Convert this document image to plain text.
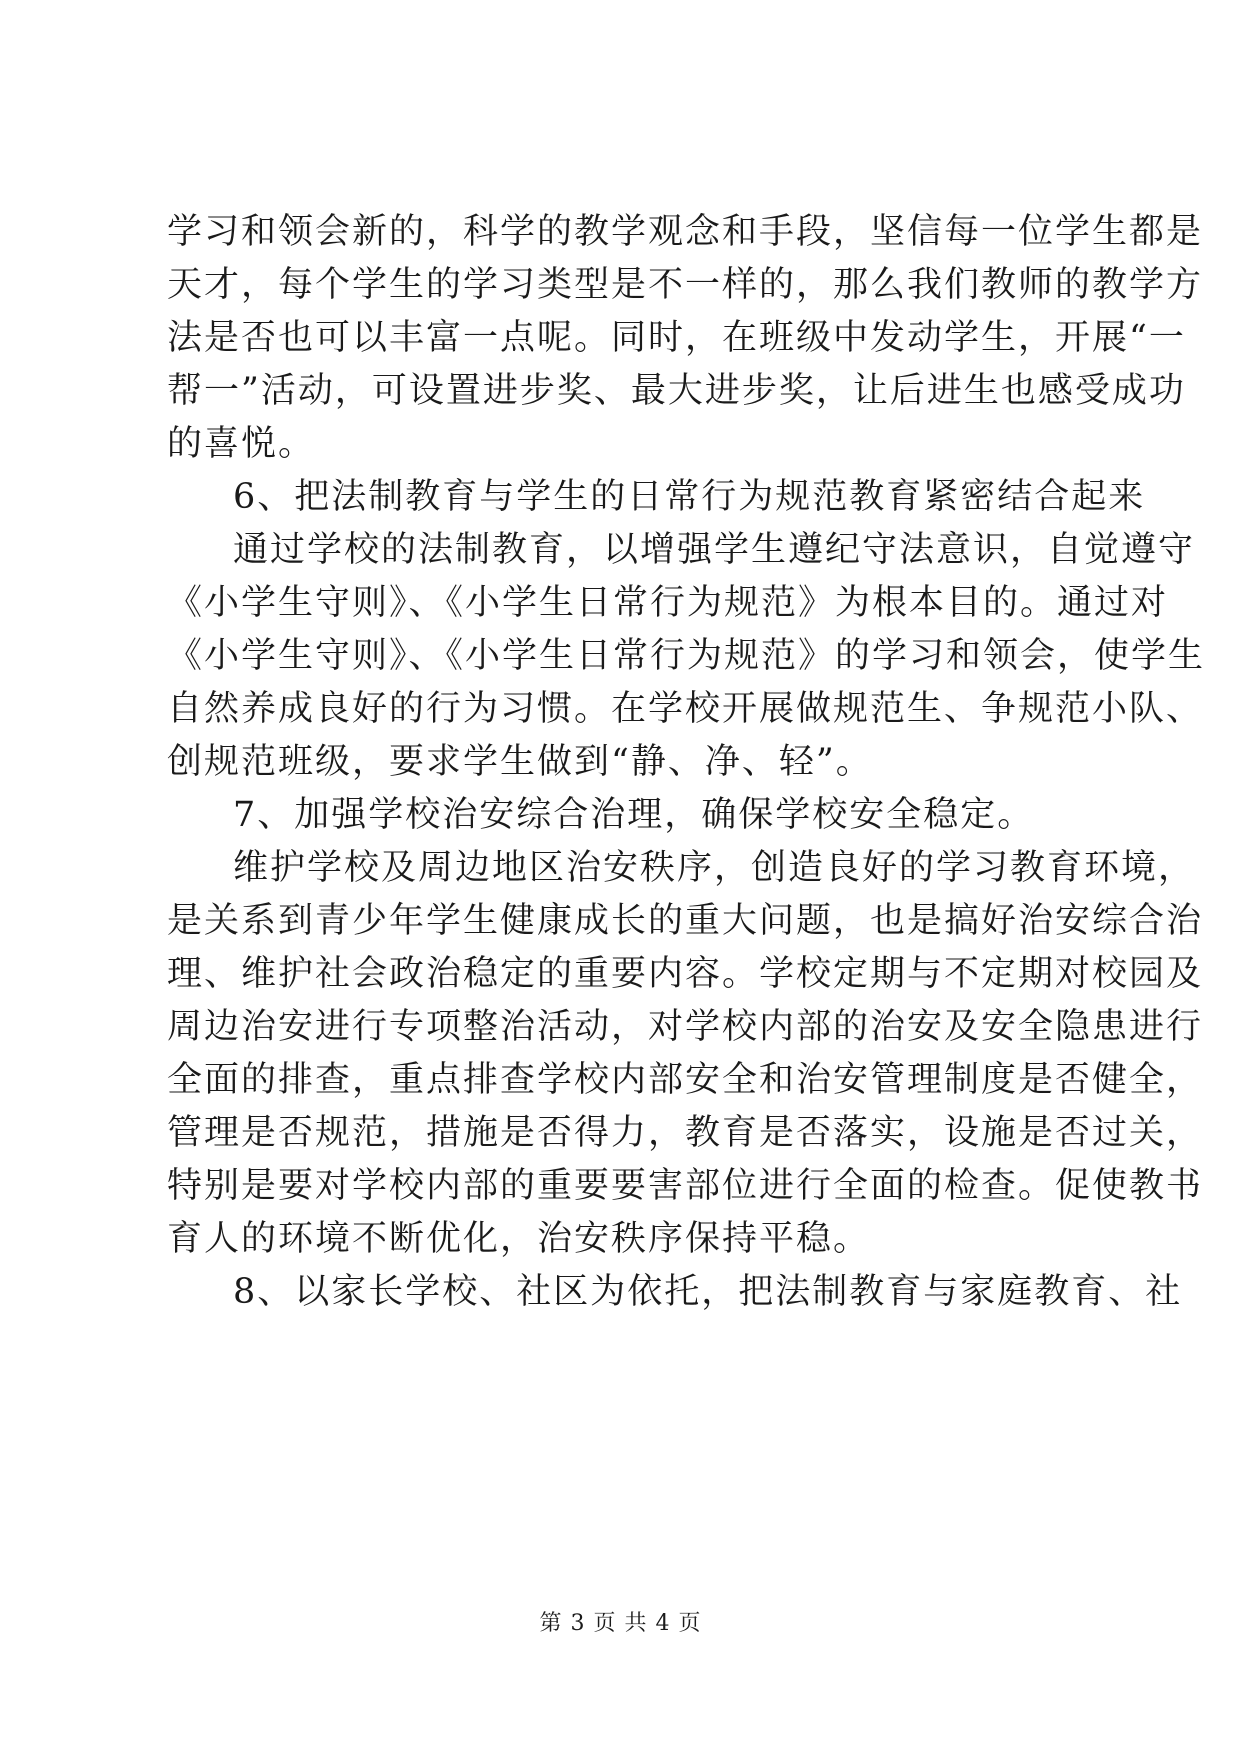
学习和领会新的，科学的教学观念和手段，坚信每一位学生都是
天才，每个学生的学习类型是不一样的，那么我们教师的教学方
法是否也可以丰富一点呢。同时，在班级中发动学生，开展“一
帮一”活动，可设置进步奖、最大进步奖，让后进生也感受成功
的喜悦。
6、把法制教育与学生的日常行为规范教育紧密结合起来
通过学校的法制教育，以增强学生遵纪守法意识，自觉遵守
《小学生守则》、《小学生日常行为规范》为根本目的。通过对
《小学生守则》、《小学生日常行为规范》的学习和领会，使学生
自然养成良好的行为习惯。在学校开展做规范生、争规范小队、
创规范班级，要求学生做到“静、净、轻”。
7、加强学校治安综合治理，确保学校安全稳定。
维护学校及周边地区治安秩序，创造良好的学习教育环境，
是关系到青少年学生健康成长的重大问题，也是搞好治安综合治
理、维护社会政治稳定的重要内容。学校定期与不定期对校园及
周边治安进行专项整治活动，对学校内部的治安及安全隐患进行
全面的排查，重点排查学校内部安全和治安管理制度是否健全，
管理是否规范，措施是否得力，教育是否落实，设施是否过关，
特别是要对学校内部的重要要害部位进行全面的检查。促使教书
育人的环境不断优化，治安秩序保持平稳。
8、以家长学校、社区为依托，把法制教育与家庭教育、社
第 3 页 共 4 页
